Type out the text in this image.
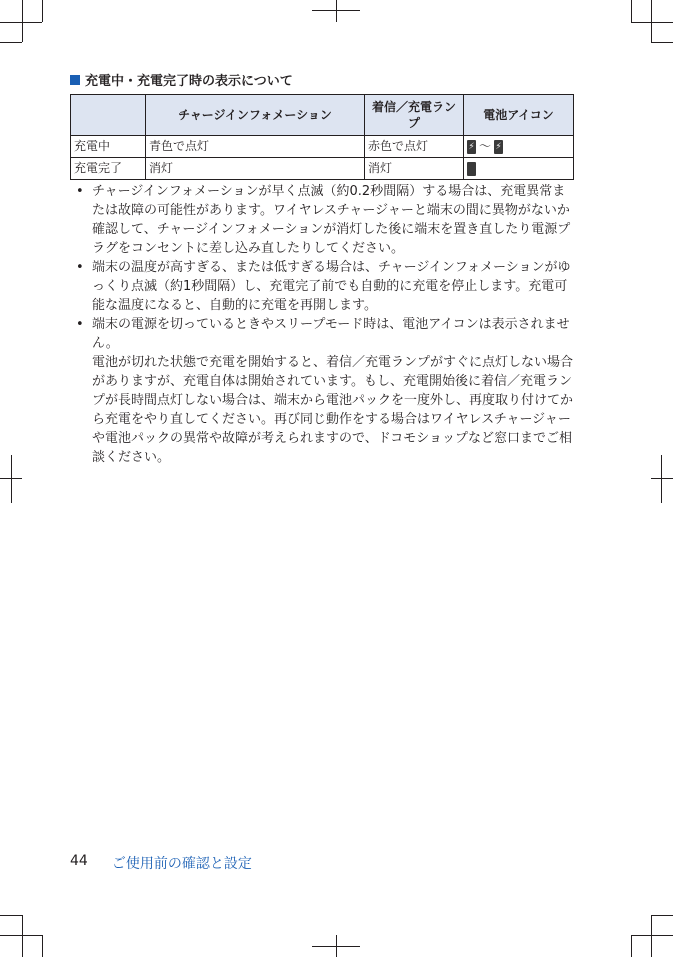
充電中・充電完了時の表示について
	チャージインフォメーション	着信／充電ランプ	電池アイコン
充電中	青色で点灯	赤色で点灯	⚡ ～ ⚡

充電完了	消灯	消灯	
• チャージインフォメーションが早く点滅（約0.2秒間隔）する場合は、充電異常または故障の可能性があります。ワイヤレスチャージャーと端末の間に異物がないか確認して、チャージインフォメーションが消灯した後に端末を置き直したり電源プラグをコンセントに差し込み直したりしてください。
• 端末の温度が高すぎる、または低すぎる場合は、チャージインフォメーションがゆっくり点滅（約1秒間隔）し、充電完了前でも自動的に充電を停止します。充電可能な温度になると、自動的に充電を再開します。
• 端末の電源を切っているときやスリープモード時は、電池アイコンは表示されません。
電池が切れた状態で充電を開始すると、着信／充電ランプがすぐに点灯しない場合がありますが、充電自体は開始されています。もし、充電開始後に着信／充電ランプが長時間点灯しない場合は、端末から電池パックを一度外し、再度取り付けてから充電をやり直してください。再び同じ動作をする場合はワイヤレスチャージャーや電池パックの異常や故障が考えられますので、ドコモショップなど窓口までご相談ください。
44 ご使用前の確認と設定
